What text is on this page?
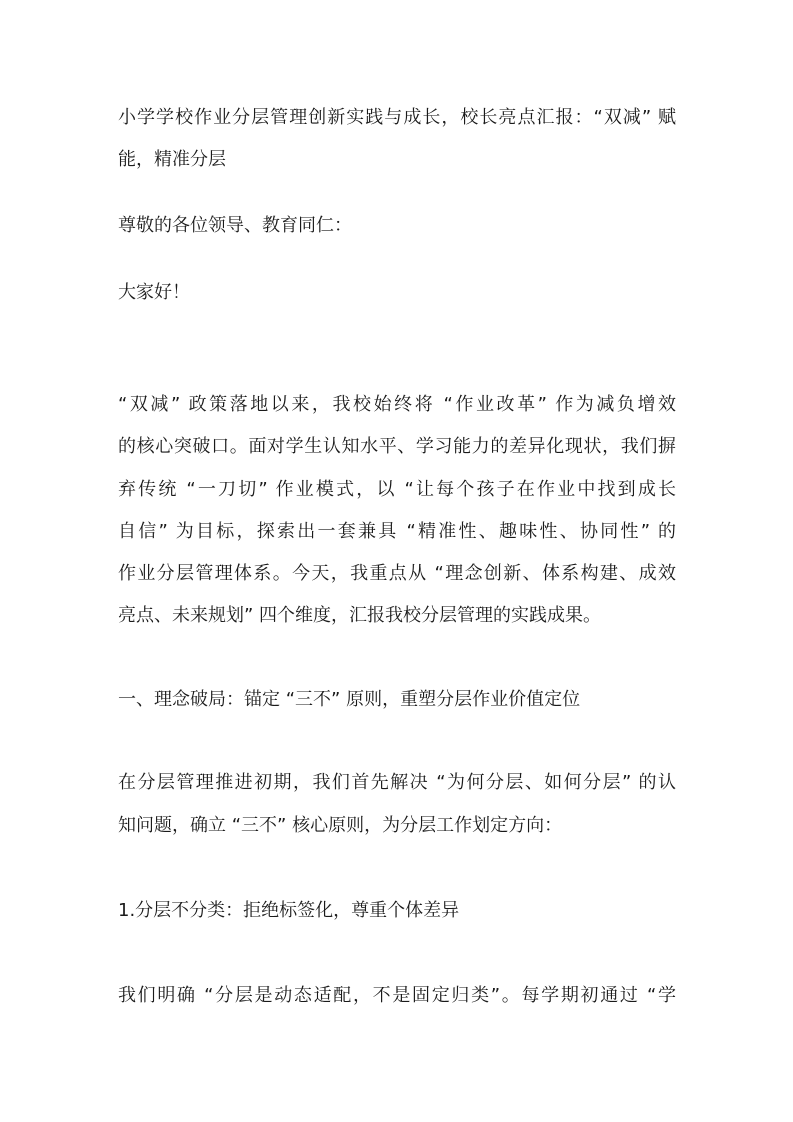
小学学校作业分层管理创新实践与成长，校长亮点汇报：“双减” 赋
能，精准分层
尊敬的各位领导、教育同仁：
大家好！
“双减” 政策落地以来，我校始终将 “作业改革” 作为减负增效
的核心突破口。面对学生认知水平、学习能力的差异化现状，我们摒
弃传统 “一刀切” 作业模式，以 “让每个孩子在作业中找到成长
自信” 为目标，探索出一套兼具 “精准性、趣味性、协同性” 的
作业分层管理体系。今天，我重点从 “理念创新、体系构建、成效
亮点、未来规划” 四个维度，汇报我校分层管理的实践成果。
一、理念破局：锚定 “三不” 原则，重塑分层作业价值定位
在分层管理推进初期，我们首先解决 “为何分层、如何分层” 的认
知问题，确立 “三不” 核心原则，为分层工作划定方向：
1.分层不分类：拒绝标签化，尊重个体差异
我们明确 “分层是动态适配，不是固定归类”。每学期初通过 “学
